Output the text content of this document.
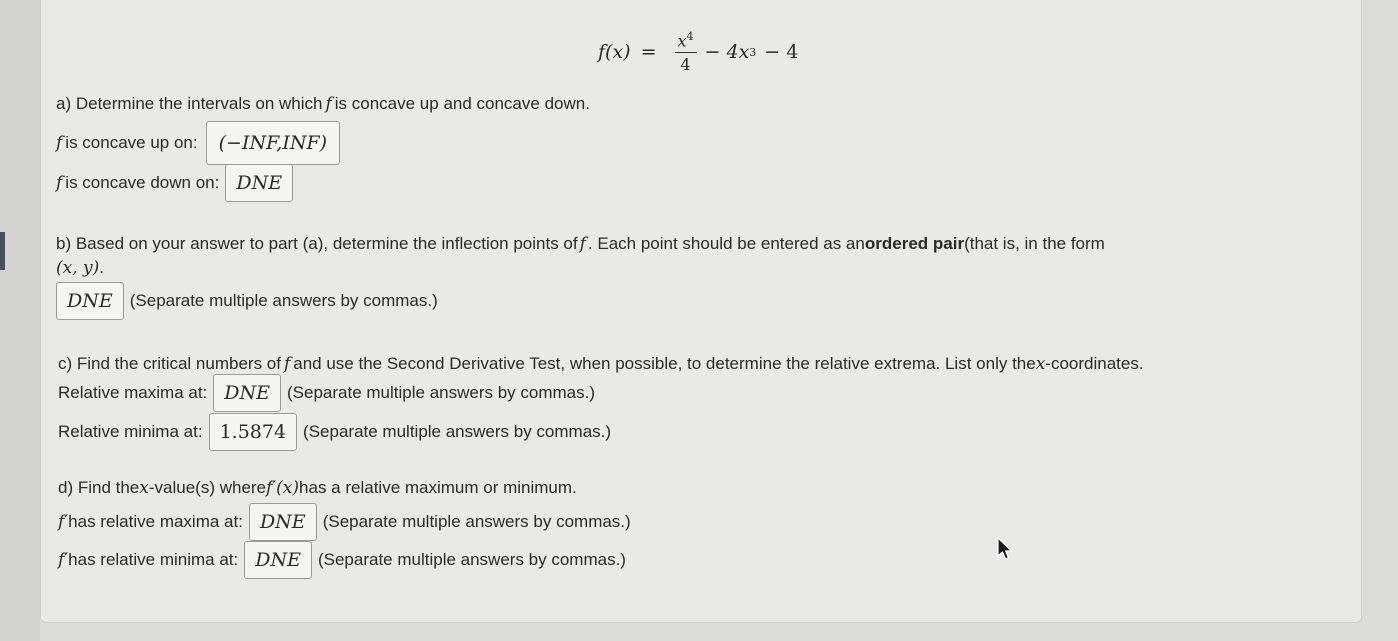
$f(x) = \frac{x^4}{4} - 4x$ 3 − 4
a) Determine the intervals on which f is concave up and concave down.
f is concave up on:	(−INF,INF)
f is concave down on: DNE
b) Based on your answer to part (a), determine the inflection points of f . Each point should be entered as an ordered pair (that is, in the form
(x, y) .
DNE	(Separate multiple answers by commas.)
c) Find the critical numbers of f and use the Second Derivative Test, when possible, to determine the relative extrema. List only the x -coordinates.
Relative maxima at: DNE	(Separate multiple answers by commas.)
Relative minima at: 1.5874	(Separate multiple answers by commas.)
d) Find the x -value(s) where f′(x) has a relative maximum or minimum.
f′ has relative maxima at: DNE	(Separate multiple answers by commas.)
f′ has relative minima at: DNE	(Separate multiple answers by commas.)
